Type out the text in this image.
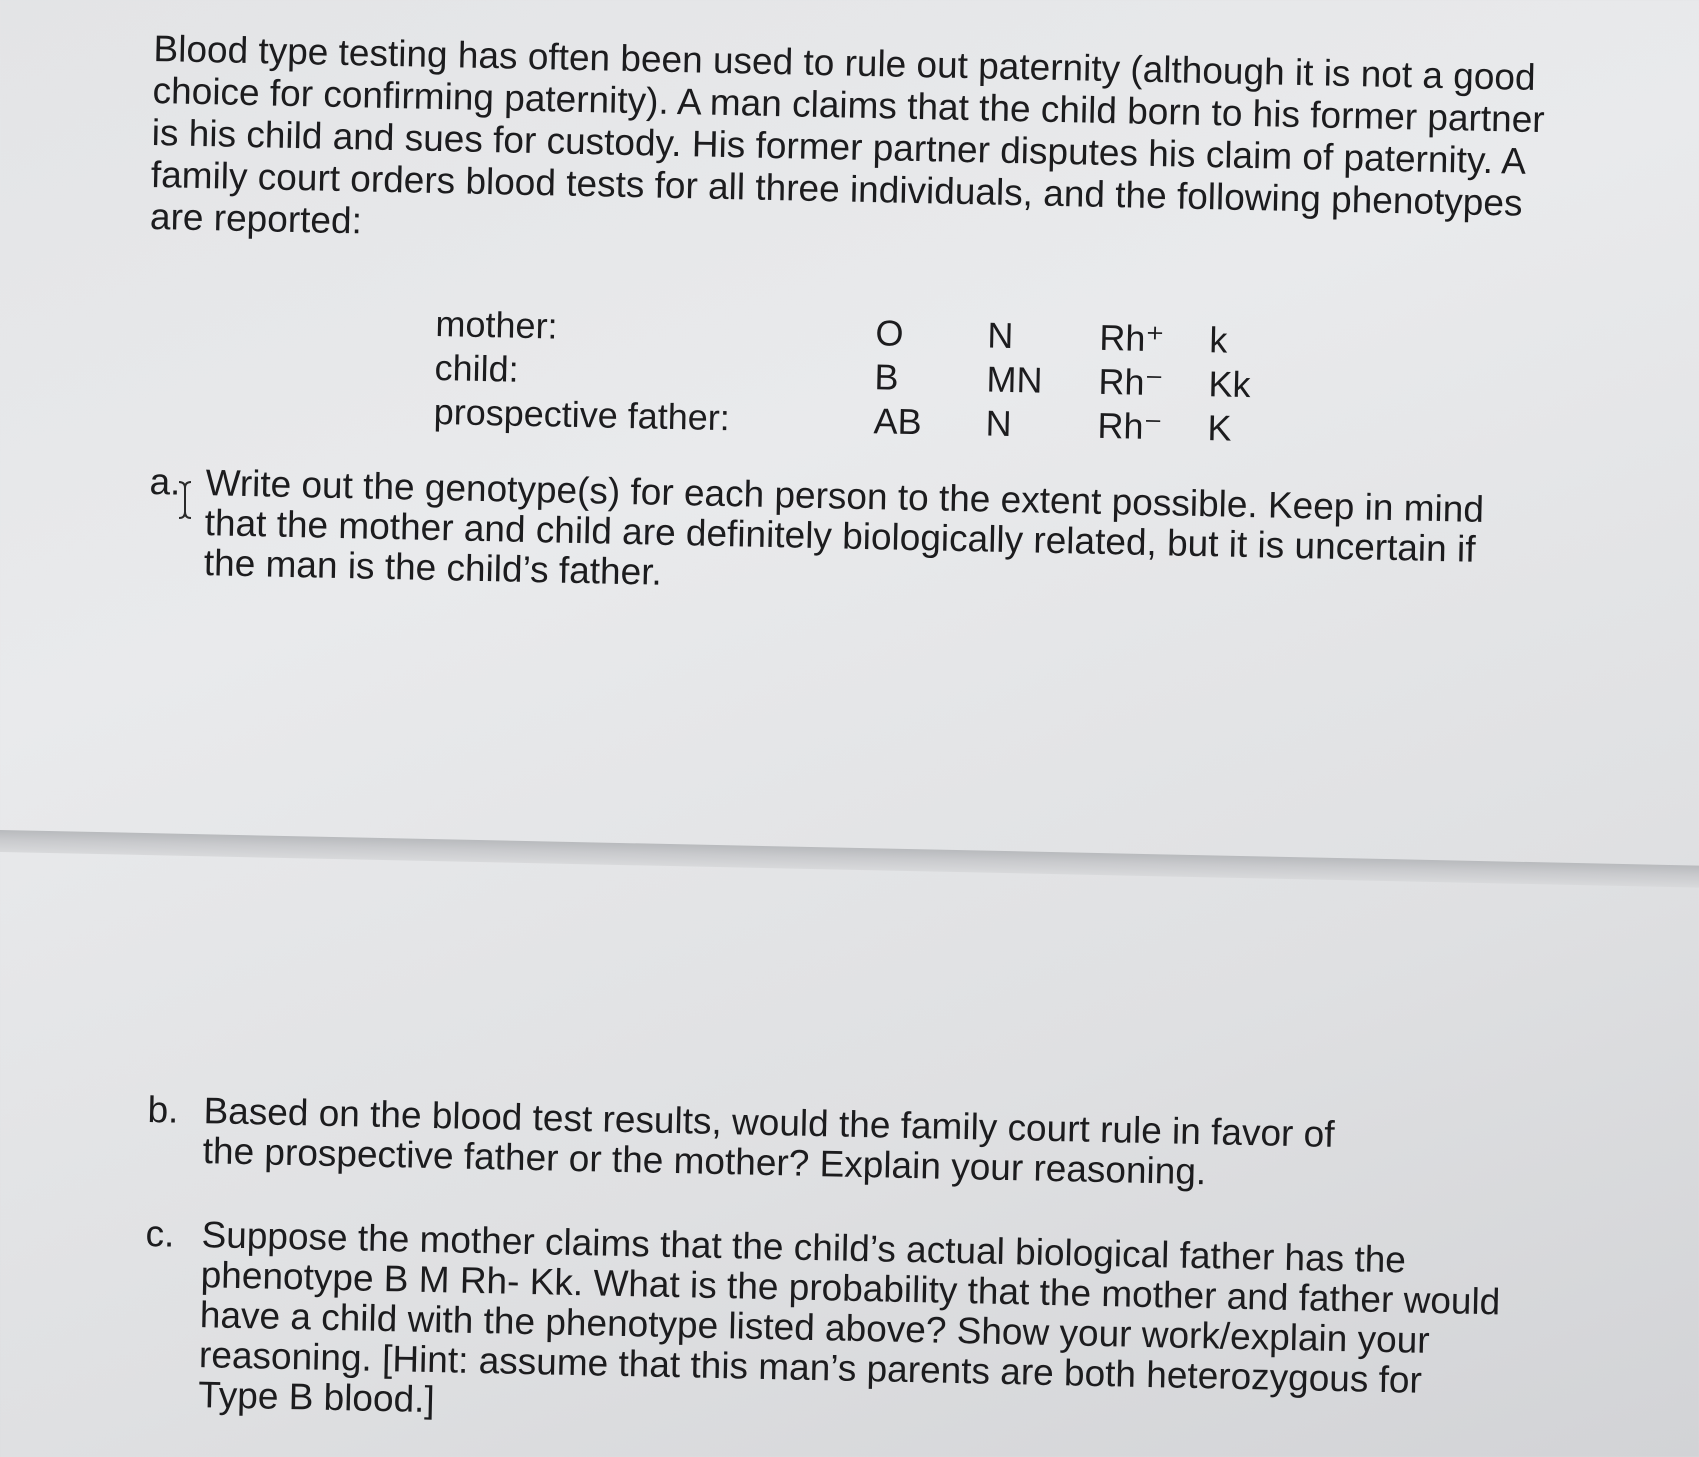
Blood type testing has often been used to rule out paternity (although it is not a good choice for confirming paternity). A man claims that the child born to his former partner is his child and sues for custody. His former partner disputes his claim of paternity. A family court orders blood tests for all three individuals, and the following phenotypes are reported:

mother:	O	N	Rh⁺	k
child:	B	MN	Rh⁻	Kk
prospective father:	AB	N	Rh⁻	K
a. Write out the genotype(s) for each person to the extent possible. Keep in mind that the mother and child are definitely biologically related, but it is uncertain if the man is the child’s father.

b. Based on the blood test results, would the family court rule in favor of the prospective father or the mother? Explain your reasoning.

c. Suppose the mother claims that the child’s actual biological father has the phenotype B M Rh- Kk. What is the probability that the mother and father would have a child with the phenotype listed above? Show your work/explain your reasoning. [Hint: assume that this man’s parents are both heterozygous for Type B blood.]
